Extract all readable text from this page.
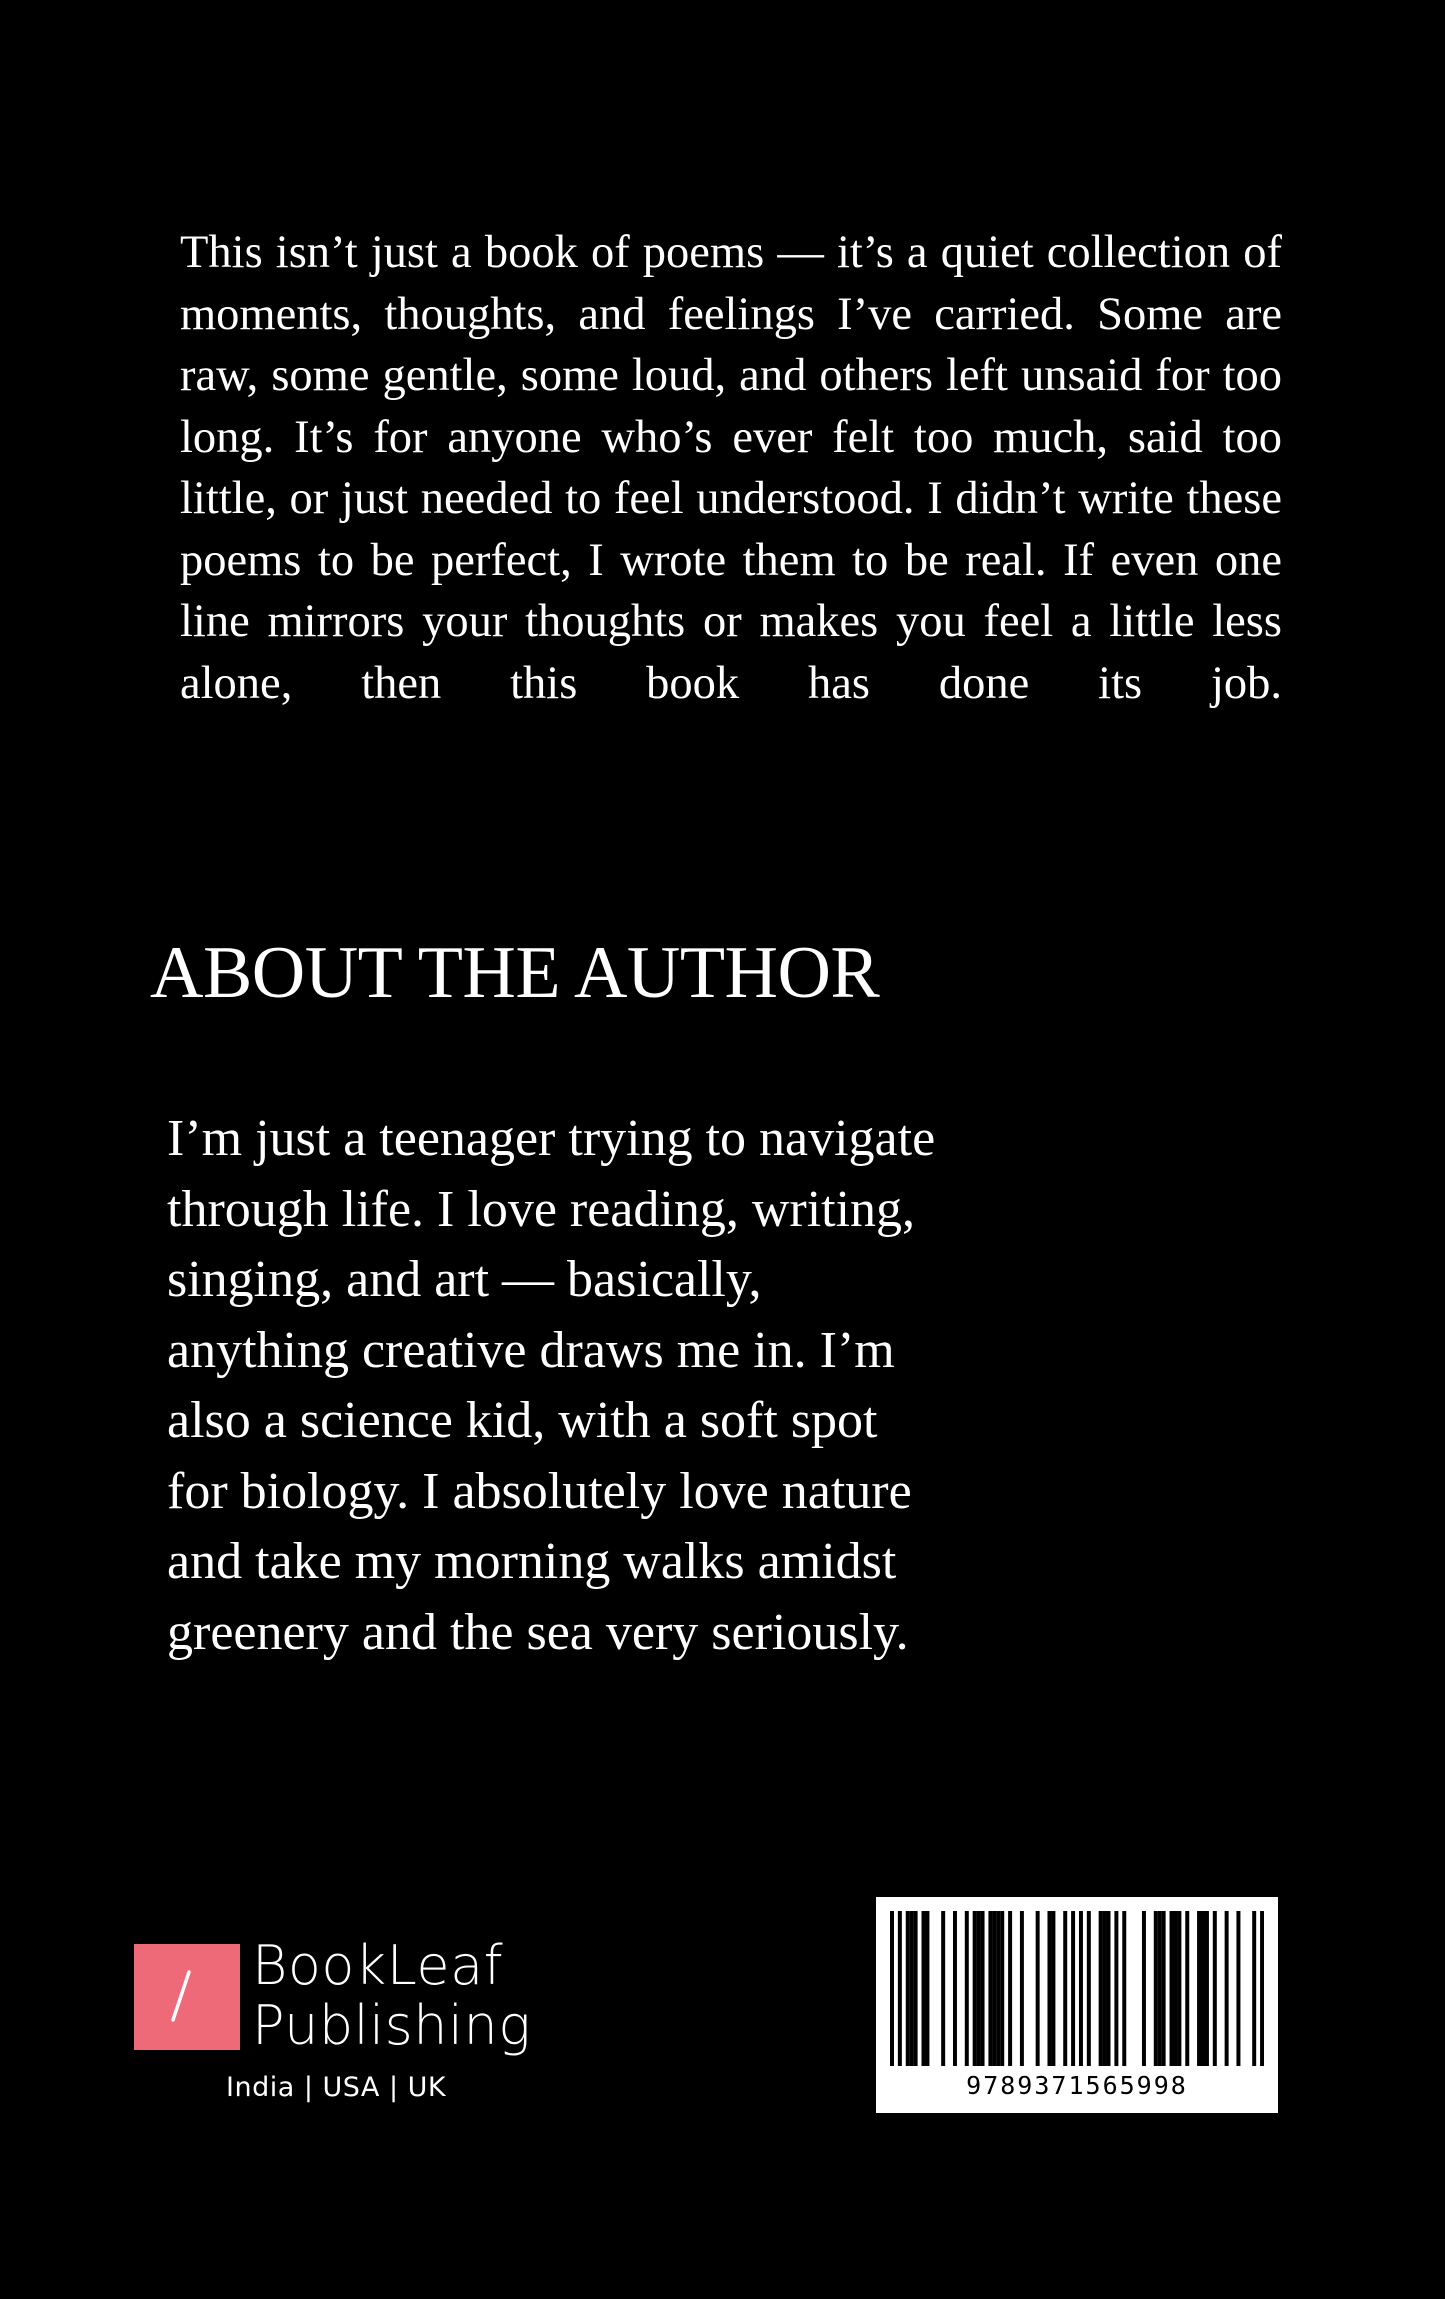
This isn’t just a book of poems — it’s a quiet collection of moments, thoughts, and feelings I’ve carried. Some are raw, some gentle, some loud, and others left unsaid for too long. It’s for anyone who’s ever felt too much, said too little, or just needed to feel understood. I didn’t write these poems to be perfect, I wrote them to be real. If even one line mirrors your thoughts or makes you feel a little less alone, then this book has done its job.

ABOUT THE AUTHOR

I’m just a teenager trying to navigate
through life. I love reading, writing,
singing, and art — basically,
anything creative draws me in. I’m
also a science kid, with a soft spot
for biology. I absolutely love nature
and take my morning walks amidst
greenery and the sea very seriously.

BookLeaf
Publishing
India | USA | UK	9789371565998
